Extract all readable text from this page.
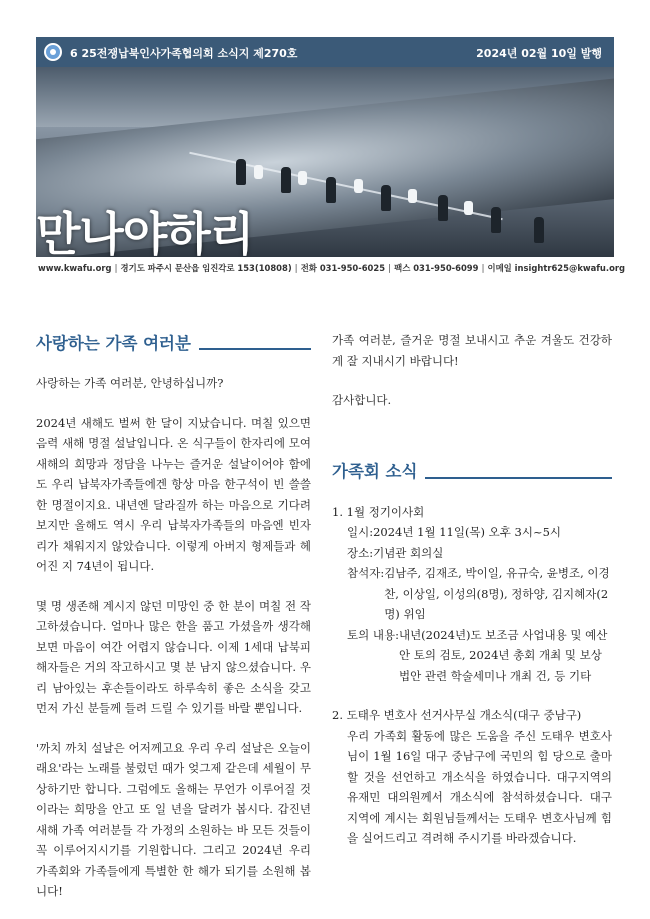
6 25전쟁납북인사가족협의회 소식지 제270호	2024년 02월 10일 발행
만나야하리
www.kwafu.org | 경기도 파주시 문산읍 임진각로 153(10808) | 전화 031-950-6025 | 팩스 031-950-6099 | 이메일 insightr625@kwafu.org
사랑하는 가족 여러분

사랑하는 가족 여러분, 안녕하십니까?

2024년 새해도 벌써 한 달이 지났습니다. 며칠 있으면 음력 새해 명절 설날입니다. 온 식구들이 한자리에 모여 새해의 희망과 정담을 나누는 즐거운 설날이어야 함에도 우리 납북자가족들에겐 항상 마음 한구석이 빈 쓸쓸한 명절이지요. 내년엔 달라질까 하는 마음으로 기다려보지만 올해도 역시 우리 납북자가족들의 마음엔 빈자리가 채워지지 않았습니다. 이렇게 아버지 형제들과 헤어진 지 74년이 됩니다.

몇 명 생존해 계시지 않던 미망인 중 한 분이 며칠 전 작고하셨습니다. 얼마나 많은 한을 품고 가셨을까 생각해 보면 마음이 여간 어렵지 않습니다. 이제 1세대 납북피해자들은 거의 작고하시고 몇 분 남지 않으셨습니다. 우리 남아있는 후손들이라도 하루속히 좋은 소식을 갖고 먼저 가신 분들께 들려 드릴 수 있기를 바랄 뿐입니다.

'까치 까치 설날은 어저께고요 우리 우리 설날은 오늘이래요'라는 노래를 불렀던 때가 엊그제 같은데 세월이 무상하기만 합니다. 그럼에도 올해는 무언가 이루어질 것이라는 희망을 안고 또 일 년을 달려가 봅시다. 갑진년 새해 가족 여러분들 각 가정의 소원하는 바 모든 것들이 꼭 이루어지시기를 기원합니다. 그리고 2024년 우리 가족회와 가족들에게 특별한 한 해가 되기를 소원해 봅니다!

가족 여러분, 즐거운 명절 보내시고 추운 겨울도 건강하게 잘 지내시기 바랍니다!

감사합니다.

가족회 소식

1. 1월 정기이사회

일시: 2024년 1월 11일(목) 오후 3시~5시
장소: 기념관 회의실
참석자: 김남주, 김재조, 박이일, 유규숙, 윤병조, 이경찬, 이상일, 이성의(8명), 정하양, 김지혜자(2명) 위임
토의 내용: 내년(2024년)도 보조금 사업내용 및 예산안 토의 검토, 2024년 총회 개최 및 보상법안 관련 학술세미나 개최 건, 등 기타

2. 도태우 변호사 선거사무실 개소식(대구 중남구)

우리 가족회 활동에 많은 도움을 주신 도태우 변호사님이 1월 16일 대구 중남구에 국민의 힘 당으로 출마할 것을 선언하고 개소식을 하였습니다. 대구지역의 유재민 대의원께서 개소식에 참석하셨습니다. 대구 지역에 계시는 회원님들께서는 도태우 변호사님께 힘을 실어드리고 격려해 주시기를 바라겠습니다.
